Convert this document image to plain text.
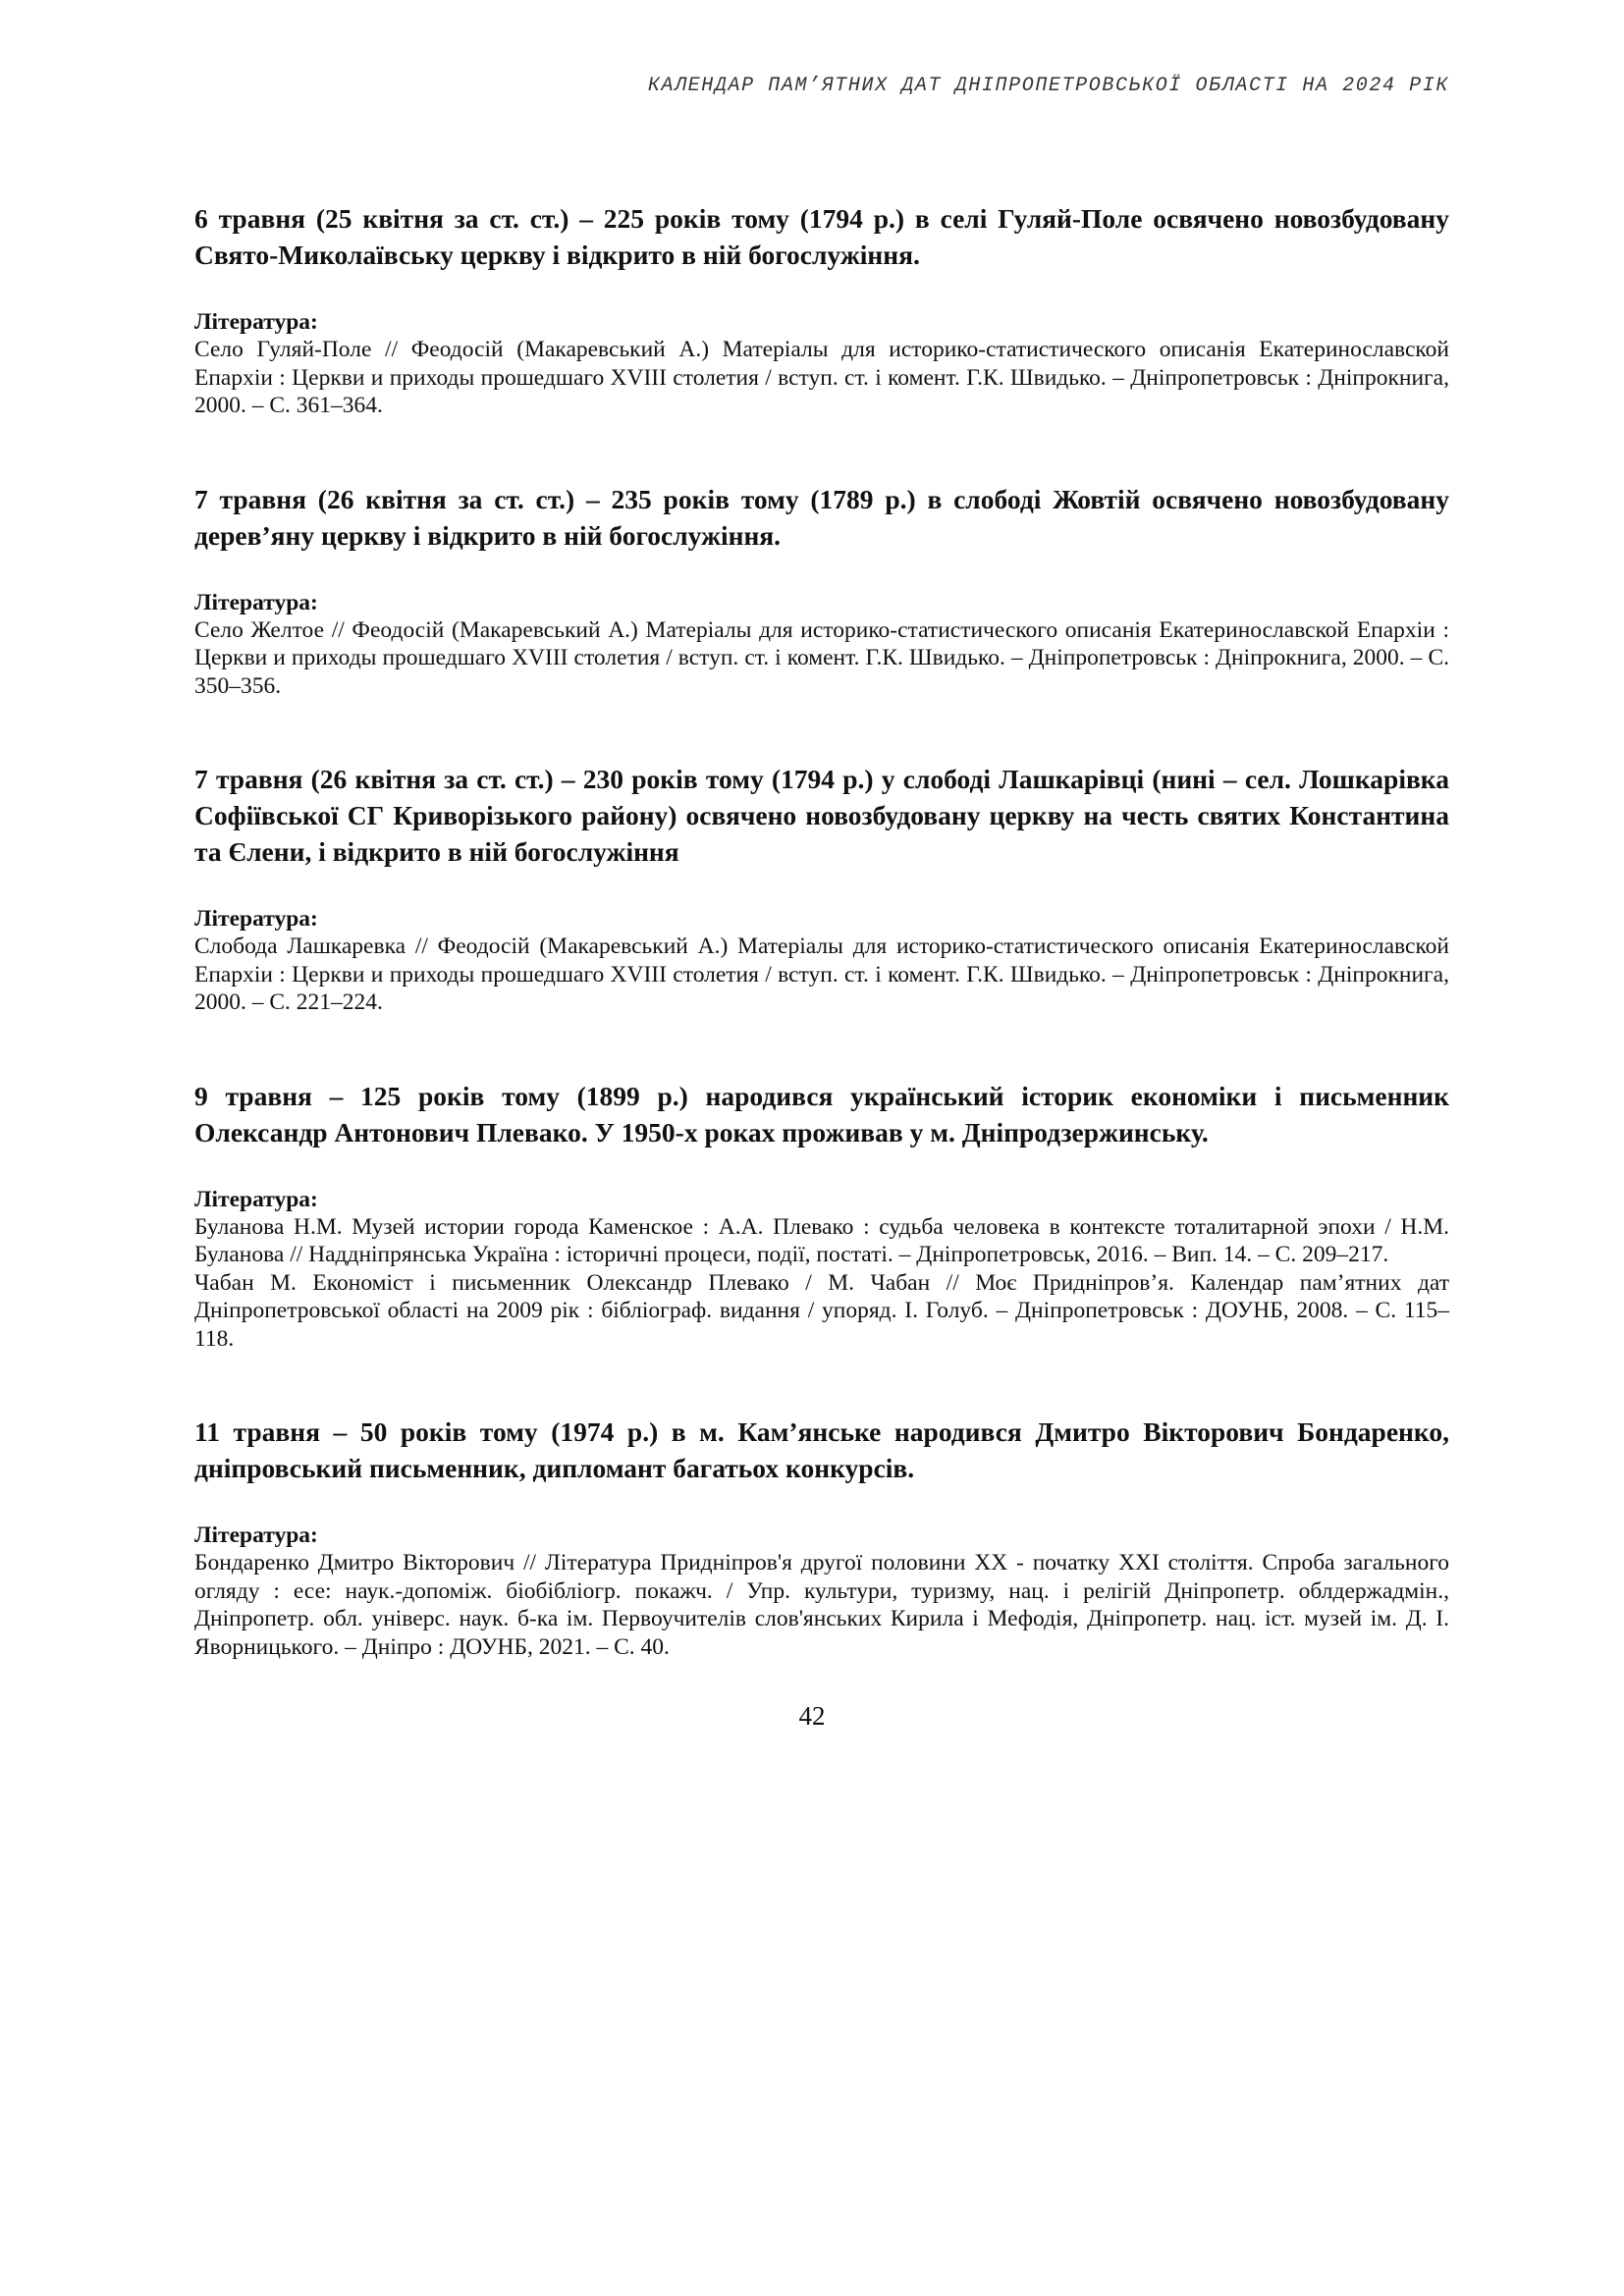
КАЛЕНДАР ПАМ’ЯТНИХ ДАТ ДНІПРОПЕТРОВСЬКОЇ ОБЛАСТІ НА 2024 РІК

6 травня (25 квітня за ст. ст.) – 225 років тому (1794 р.) в селі Гуляй-Поле освячено новозбудовану Свято-Миколаївську церкву і відкрито в ній богослужіння.

Література:

Село Гуляй-Поле // Феодосій (Макаревський А.) Матеріалы для историко-статистического описанія Екатеринославской Епархіи : Церкви и приходы прошедшаго XVIII столетия / вступ. ст. і комент. Г.К. Швидько. – Дніпропетровськ : Дніпрокнига, 2000. – С. 361–364.

7 травня (26 квітня за ст. ст.) – 235 років тому (1789 р.) в слободі Жовтій освячено новозбудовану дерев’яну церкву і відкрито в ній богослужіння.

Література:

Село Желтое // Феодосій (Макаревський А.) Матеріалы для историко-статистического описанія Екатеринославской Епархіи : Церкви и приходы прошедшаго XVIII столетия / вступ. ст. і комент. Г.К. Швидько. – Дніпропетровськ : Дніпрокнига, 2000. – С. 350–356.

7 травня (26 квітня за ст. ст.) – 230 років тому (1794 р.) у слободі Лашкарівці (нині – сел. Лошкарівка Софіївської СГ Криворізького району) освячено новозбудовану церкву на честь святих Константина та Єлени, і відкрито в ній богослужіння

Література:

Слобода Лашкаревка // Феодосій (Макаревський А.) Матеріалы для историко-статистического описанія Екатеринославской Епархіи : Церкви и приходы прошедшаго XVIII столетия / вступ. ст. і комент. Г.К. Швидько. – Дніпропетровськ : Дніпрокнига, 2000. – С. 221–224.

9 травня – 125 років тому (1899 р.) народився український історик економіки і письменник Олександр Антонович Плевако. У 1950-х роках проживав у м. Дніпродзержинську.

Література:

Буланова Н.М. Музей истории города Каменское : А.А. Плевако : судьба человека в контексте тоталитарной эпохи / Н.М. Буланова // Наддніпрянська Україна : історичні процеси, події, постаті. – Дніпропетровськ, 2016. – Вип. 14. – С. 209–217.

Чабан М. Економіст і письменник Олександр Плевако / М. Чабан // Моє Придніпров’я. Календар пам’ятних дат Дніпропетровської області на 2009 рік : бібліограф. видання / упоряд. І. Голуб. – Дніпропетровськ : ДОУНБ, 2008. – С. 115–118.

11 травня – 50 років тому (1974 р.) в м. Кам’янське народився Дмитро Вікторович Бондаренко, дніпровський письменник, дипломант багатьох конкурсів.

Література:

Бондаренко Дмитро Вікторович // Література Придніпров'я другої половини ХХ - початку ХХІ століття. Спроба загального огляду : есе: наук.-допоміж. біобібліогр. покажч. / Упр. культури, туризму, нац. і релігій Дніпропетр. облдержадмін., Дніпропетр. обл. універс. наук. б-ка ім. Первоучителів слов'янських Кирила і Мефодія, Дніпропетр. нац. іст. музей ім. Д. І. Яворницького. – Дніпро : ДОУНБ, 2021. – С. 40.

42
